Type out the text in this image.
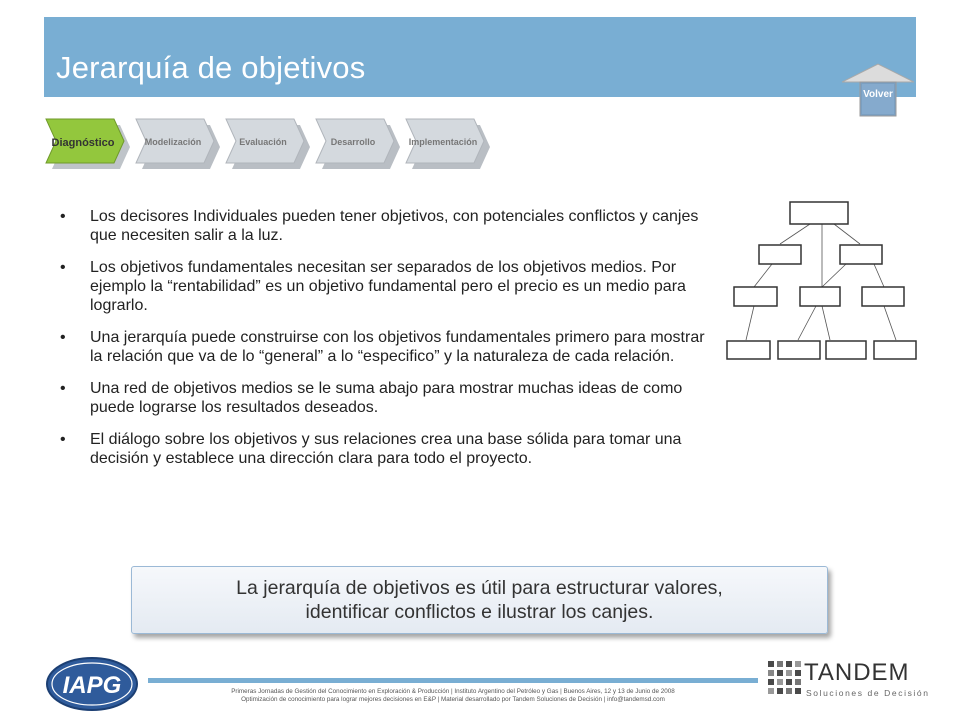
Jerarquía de objetivos
Volver
Diagnóstico	Modelización	Evaluación	Desarrollo	Implementación
• Los decisores Individuales pueden tener objetivos, con potenciales conflictos y canjes que necesiten salir a la luz.
• Los objetivos fundamentales necesitan ser separados de los objetivos medios. Por ejemplo la “rentabilidad” es un objetivo fundamental pero el precio es un medio para lograrlo.
• Una jerarquía puede construirse con los objetivos fundamentales primero para mostrar la relación que va de lo “general” a lo “especifico” y la naturaleza de cada relación.
• Una red de objetivos medios se le suma abajo para mostrar muchas ideas de como puede lograrse los resultados deseados.
• El diálogo sobre los objetivos y sus relaciones crea una base sólida para tomar una decisión y establece una dirección clara para todo el proyecto.
La jerarquía de objetivos es útil para estructurar valores,
identificar conflictos e ilustrar los canjes.
IAPG	Primeras Jornadas de Gestión del Conocimiento en Exploración & Producción | Instituto Argentino del Petróleo y Gas | Buenos Aires, 12 y 13 de Junio de 2008
Optimización de conocimiento para lograr mejores decisiones en E&P | Material desarrollado por Tandem Soluciones de Decisión | info@tandemsd.com
TANDEM
Soluciones de Decisión
